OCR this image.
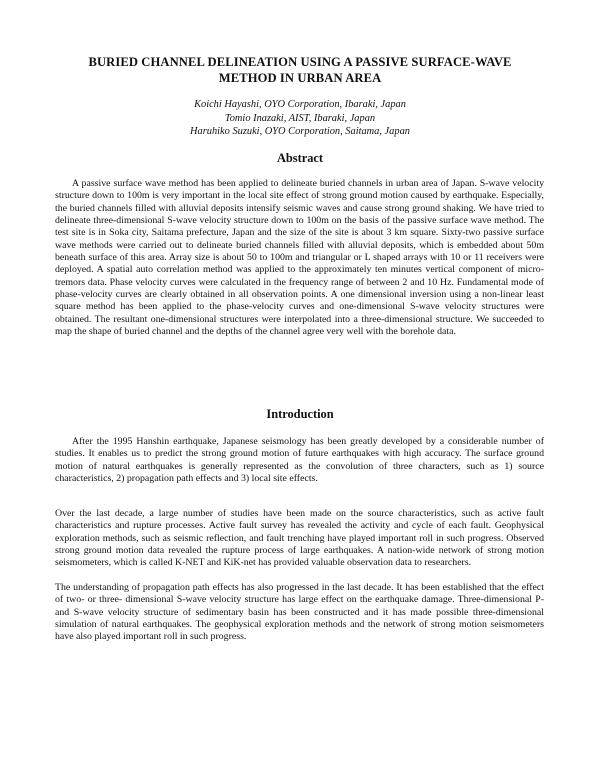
BURIED CHANNEL DELINEATION USING A PASSIVE SURFACE-WAVE
METHOD IN URBAN AREA
Koichi Hayashi, OYO Corporation, Ibaraki, Japan
Tomio Inazaki, AIST, Ibaraki, Japan
Haruhiko Suzuki, OYO Corporation, Saitama, Japan
Abstract

A passive surface wave method has been applied to delineate buried channels in urban area of Japan. S-wave velocity structure down to 100m is very important in the local site effect of strong ground motion caused by earthquake. Especially, the buried channels filled with alluvial deposits intensify seismic waves and cause strong ground shaking. We have tried to delineate three-dimensional S-wave velocity structure down to 100m on the basis of the passive surface wave method. The test site is in Soka city, Saitama prefecture, Japan and the size of the site is about 3 km square. Sixty-two passive surface wave methods were carried out to delineate buried channels filled with alluvial deposits, which is embedded about 50m beneath surface of this area. Array size is about 50 to 100m and triangular or L shaped arrays with 10 or 11 receivers were deployed. A spatial auto correlation method was applied to the approximately ten minutes vertical component of micro-tremors data. Phase velocity curves were calculated in the frequency range of between 2 and 10 Hz. Fundamental mode of phase-velocity curves are clearly obtained in all observation points. A one dimensional inversion using a non-linear least square method has been applied to the phase-velocity curves and one-dimensional S-wave velocity structures were obtained. The resultant one-dimensional structures were interpolated into a three-dimensional structure. We succeeded to map the shape of buried channel and the depths of the channel agree very well with the borehole data.

Introduction

After the 1995 Hanshin earthquake, Japanese seismology has been greatly developed by a considerable number of studies. It enables us to predict the strong ground motion of future earthquakes with high accuracy. The surface ground motion of natural earthquakes is generally represented as the convolution of three characters, such as 1) source characteristics, 2) propagation path effects and 3) local site effects.

Over the last decade, a large number of studies have been made on the source characteristics, such as active fault characteristics and rupture processes. Active fault survey has revealed the activity and cycle of each fault. Geophysical exploration methods, such as seismic reflection, and fault trenching have played important roll in such progress. Observed strong ground motion data revealed the rupture process of large earthquakes. A nation-wide network of strong motion seismometers, which is called K-NET and KiK-net has provided valuable observation data to researchers.

The understanding of propagation path effects has also progressed in the last decade. It has been established that the effect of two- or three- dimensional S-wave velocity structure has large effect on the earthquake damage. Three-dimensional P- and S-wave velocity structure of sedimentary basin has been constructed and it has made possible three-dimensional simulation of natural earthquakes. The geophysical exploration methods and the network of strong motion seismometers have also played important roll in such progress.
